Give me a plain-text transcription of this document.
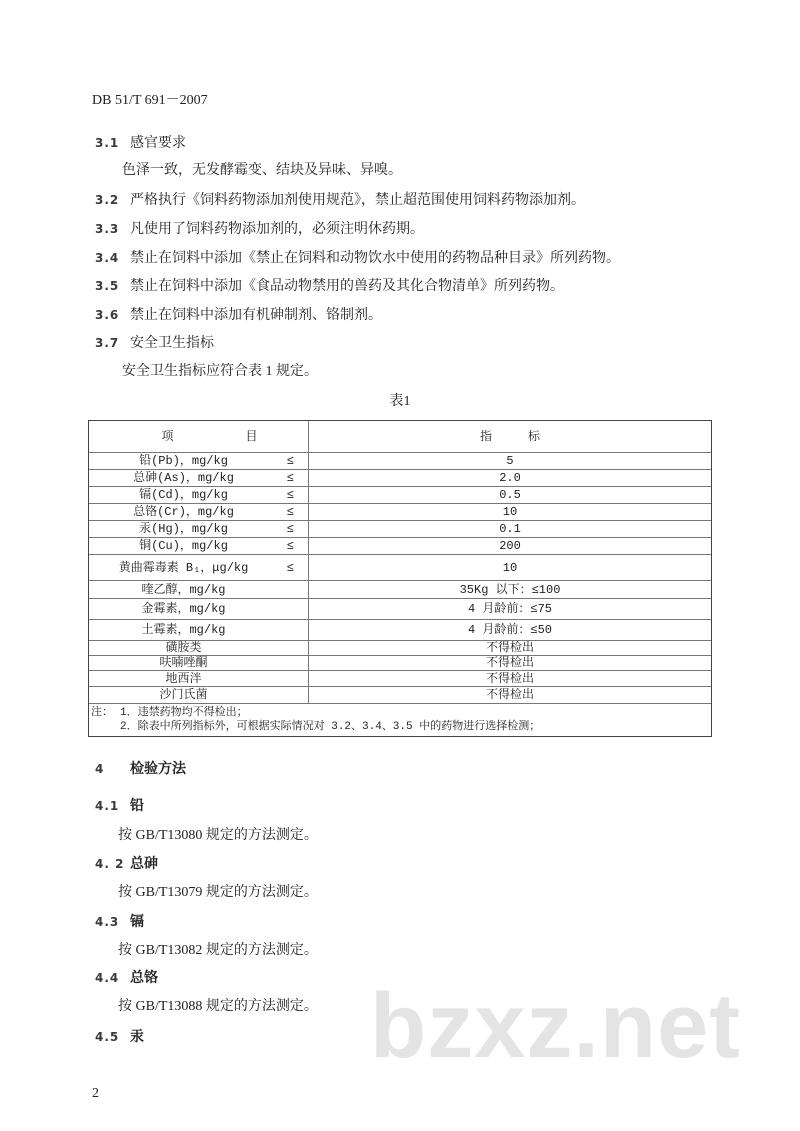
bzxz.net
DB 51/T 691－2007
3.1 感官要求
色泽一致，无发酵霉变、结块及异味、异嗅。
3.2 严格执行《饲料药物添加剂使用规范》，禁止超范围使用饲料药物添加剂。
3.3 凡使用了饲料药物添加剂的，必须注明休药期。
3.4 禁止在饲料中添加《禁止在饲料和动物饮水中使用的药物品种目录》所列药物。
3.5 禁止在饲料中添加《食品动物禁用的兽药及其化合物清单》所列药物。
3.6 禁止在饲料中添加有机砷制剂、铬制剂。
3.7 安全卫生指标
安全卫生指标应符合表 1 规定。
表1
项　　　　　　目	指　　　标
铅(Pb)，mg/kg	≤	5
总砷(As)，mg/kg	≤	2.0
镉(Cd)，mg/kg	≤	0.5
总铬(Cr)，mg/kg	≤	10
汞(Hg)，mg/kg	≤	0.1
铜(Cu)，mg/kg	≤	200
黄曲霉毒素 B₁，μg/kg	≤	10
喹乙醇，mg/kg	35Kg 以下：≤100
金霉素，mg/kg	4 月龄前：≤75
土霉素，mg/kg	4 月龄前：≤50
磺胺类	不得检出
呋喃唑酮	不得检出
地西泮	不得检出
沙门氏菌	不得检出
注： 1．违禁药物均不得检出；
2．除表中所列指标外，可根据实际情况对 3.2、3.4、3.5 中的药物进行选择检测；
4 检验方法
4.1 铅
按 GB/T13080 规定的方法测定。
4. 2 总砷
按 GB/T13079 规定的方法测定。
4.3 镉
按 GB/T13082 规定的方法测定。
4.4 总铬
按 GB/T13088 规定的方法测定。
4.5 汞
2
